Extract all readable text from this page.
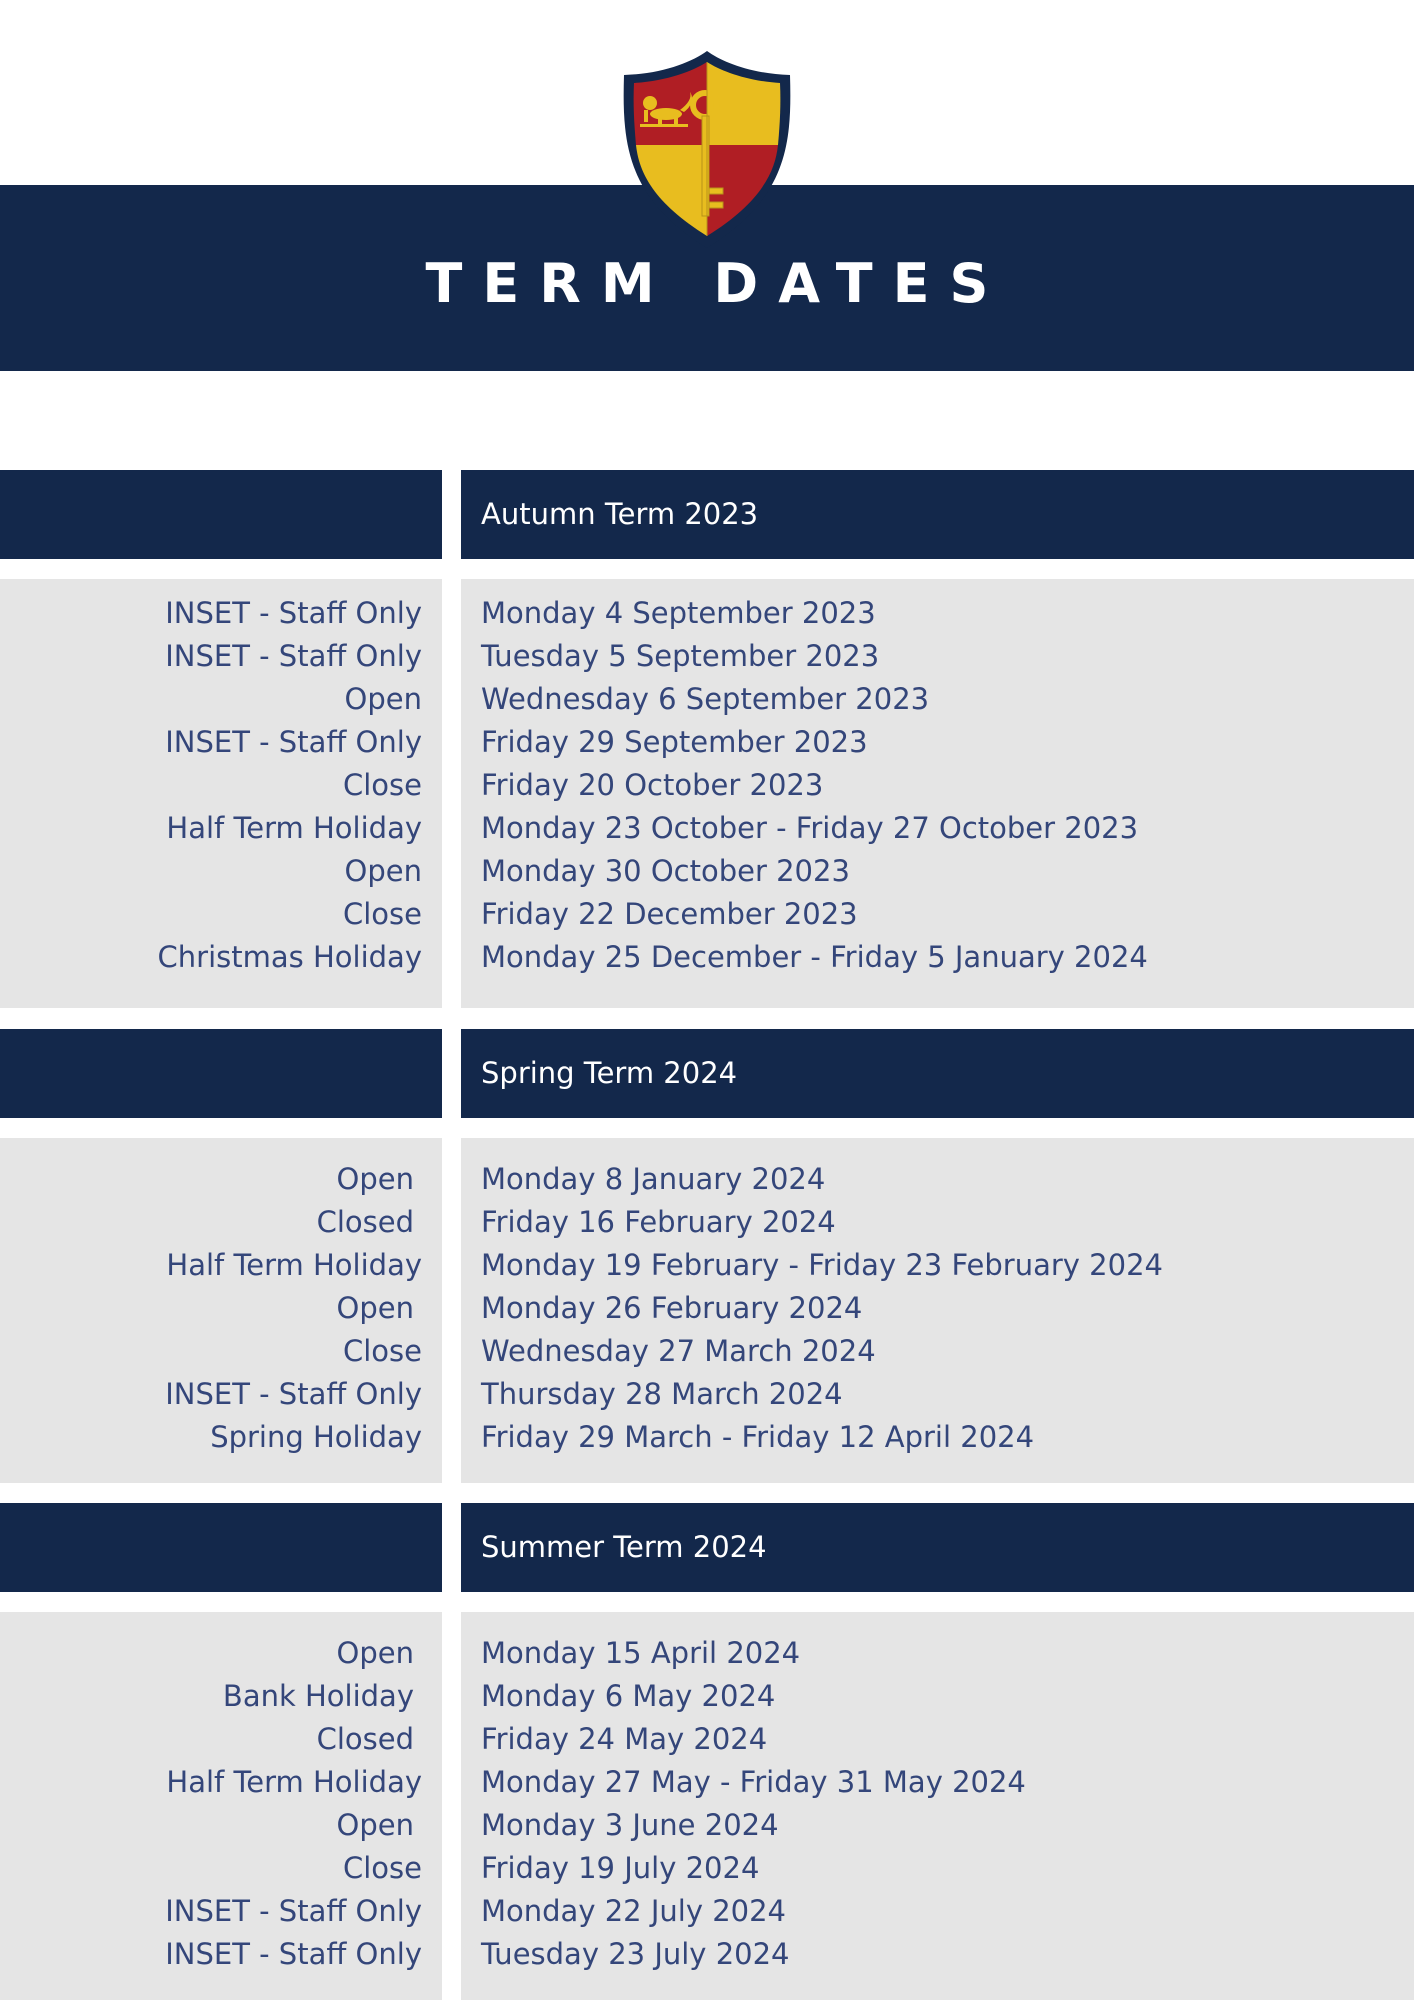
TERM DATES
Autumn Term 2023
INSET - Staff Only
INSET - Staff Only
Open
INSET - Staff Only
Close
Half Term Holiday
Open
Close
Christmas Holiday
Monday 4 September 2023
Tuesday 5 September 2023
Wednesday 6 September 2023
Friday 29 September 2023
Friday 20 October 2023
Monday 23 October - Friday 27 October 2023
Monday 30 October 2023
Friday 22 December 2023
Monday 25 December - Friday 5 January 2024
Spring Term 2024
Open
Closed
Half Term Holiday
Open
Close
INSET - Staff Only
Spring Holiday
Monday 8 January 2024
Friday 16 February 2024
Monday 19 February - Friday 23 February 2024
Monday 26 February 2024
Wednesday 27 March 2024
Thursday 28 March 2024
Friday 29 March - Friday 12 April 2024
Summer Term 2024
Open
Bank Holiday
Closed
Half Term Holiday
Open
Close
INSET - Staff Only
INSET - Staff Only
Monday 15 April 2024
Monday 6 May 2024
Friday 24 May 2024
Monday 27 May - Friday 31 May 2024
Monday 3 June 2024
Friday 19 July 2024
Monday 22 July 2024
Tuesday 23 July 2024
